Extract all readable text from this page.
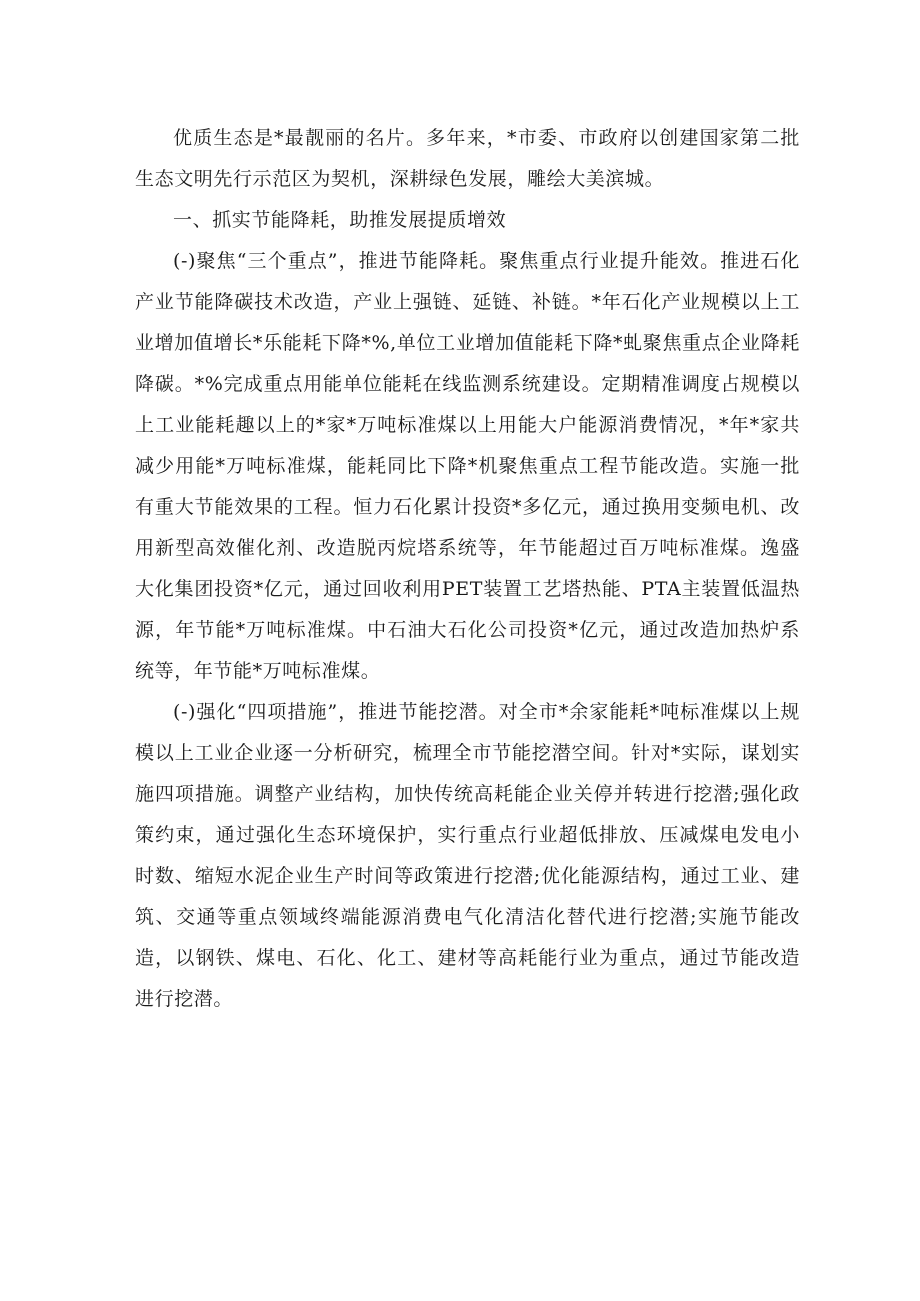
优质生态是*最靓丽的名片。多年来，*市委、市政府以创建国家第二批生态文明先行示范区为契机，深耕绿色发展，雕绘大美滨城。

一、抓实节能降耗，助推发展提质增效

(-)聚焦“三个重点”，推进节能降耗。聚焦重点行业提升能效。推进石化产业节能降碳技术改造，产业上强链、延链、补链。*年石化产业规模以上工业增加值增长*乐能耗下降*%,单位工业增加值能耗下降*虬聚焦重点企业降耗降碳。*%完成重点用能单位能耗在线监测系统建设。定期精准调度占规模以上工业能耗趣以上的*家*万吨标准煤以上用能大户能源消费情况，*年*家共减少用能*万吨标准煤，能耗同比下降*机聚焦重点工程节能改造。实施一批有重大节能效果的工程。恒力石化累计投资*多亿元，通过换用变频电机、改用新型高效催化剂、改造脱丙烷塔系统等，年节能超过百万吨标准煤。逸盛大化集团投资*亿元，通过回收利用PET装置工艺塔热能、PTA主装置低温热源，年节能*万吨标准煤。中石油大石化公司投资*亿元，通过改造加热炉系统等，年节能*万吨标准煤。

(-)强化“四项措施”，推进节能挖潜。对全市*余家能耗*吨标准煤以上规模以上工业企业逐一分析研究，梳理全市节能挖潜空间。针对*实际，谋划实施四项措施。调整产业结构，加快传统高耗能企业关停并转进行挖潜;强化政策约束，通过强化生态环境保护，实行重点行业超低排放、压减煤电发电小时数、缩短水泥企业生产时间等政策进行挖潜;优化能源结构，通过工业、建筑、交通等重点领域终端能源消费电气化清洁化替代进行挖潜;实施节能改造，以钢铁、煤电、石化、化工、建材等高耗能行业为重点，通过节能改造进行挖潜。
